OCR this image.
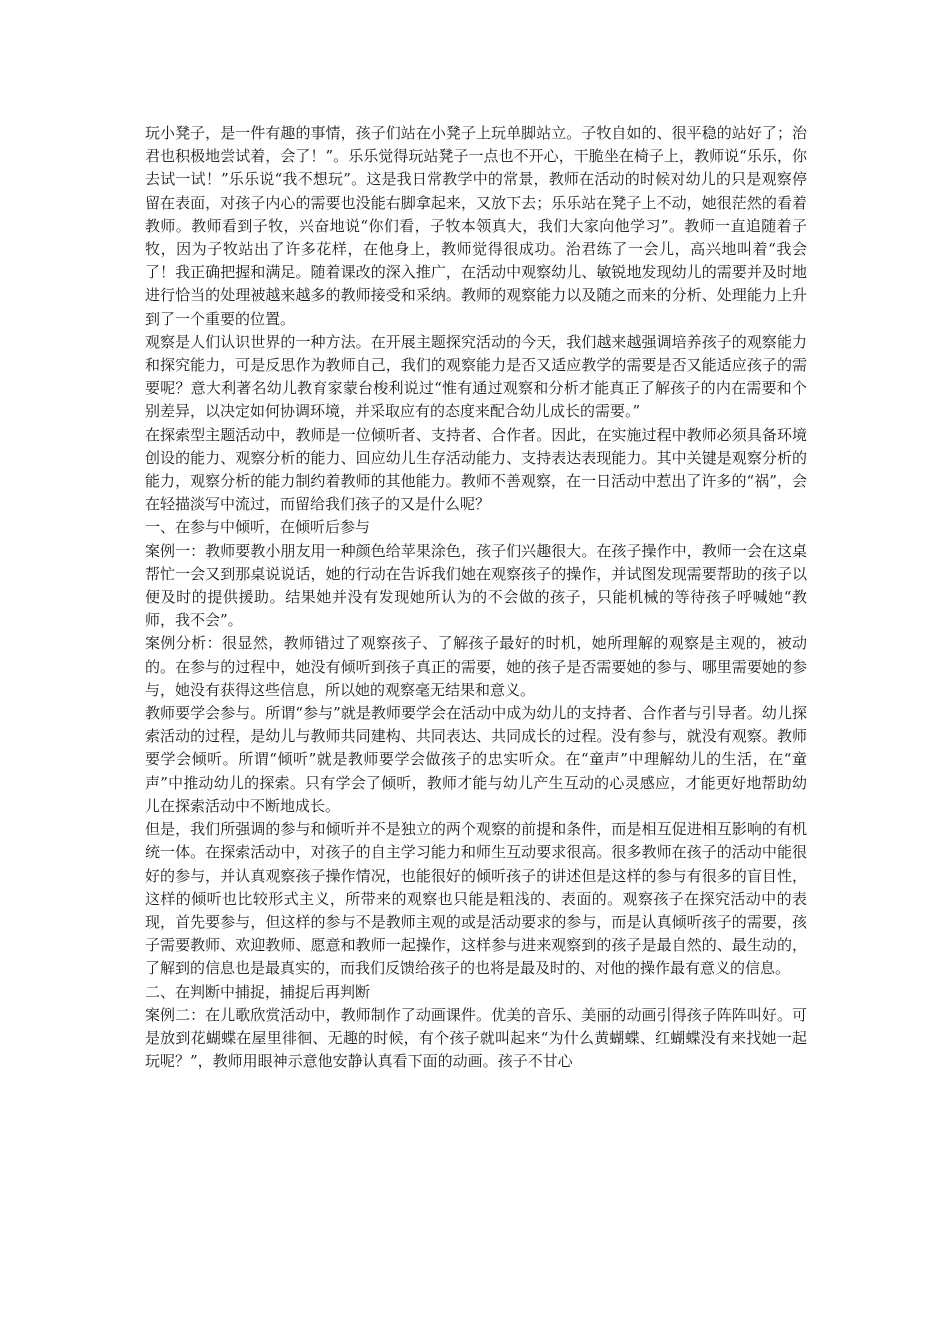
玩小凳子，是一件有趣的事情，孩子们站在小凳子上玩单脚站立。子牧自如的、很平稳的站好了；治君也积极地尝试着，会了！”。乐乐觉得玩站凳子一点也不开心，干脆坐在椅子上，教师说“乐乐，你去试一试！”乐乐说“我不想玩”。这是我日常教学中的常景，教师在活动的时候对幼儿的只是观察停留在表面，对孩子内心的需要也没能右脚拿起来，又放下去；乐乐站在凳子上不动，她很茫然的看着教师。教师看到子牧，兴奋地说“你们看，子牧本领真大，我们大家向他学习”。教师一直追随着子牧，因为子牧站出了许多花样，在他身上，教师觉得很成功。治君练了一会儿，高兴地叫着“我会了！我正确把握和满足。随着课改的深入推广，在活动中观察幼儿、敏锐地发现幼儿的需要并及时地进行恰当的处理被越来越多的教师接受和采纳。教师的观察能力以及随之而来的分析、处理能力上升到了一个重要的位置。

观察是人们认识世界的一种方法。在开展主题探究活动的今天，我们越来越强调培养孩子的观察能力和探究能力，可是反思作为教师自己，我们的观察能力是否又适应教学的需要是否又能适应孩子的需要呢？意大利著名幼儿教育家蒙台梭利说过“惟有通过观察和分析才能真正了解孩子的内在需要和个别差异，以决定如何协调环境，并采取应有的态度来配合幼儿成长的需要。”

在探索型主题活动中，教师是一位倾听者、支持者、合作者。因此，在实施过程中教师必须具备环境创设的能力、观察分析的能力、回应幼儿生存活动能力、支持表达表现能力。其中关键是观察分析的能力，观察分析的能力制约着教师的其他能力。教师不善观察，在一日活动中惹出了许多的“祸”，会在轻描淡写中流过，而留给我们孩子的又是什么呢？

一、在参与中倾听，在倾听后参与

案例一：教师要教小朋友用一种颜色给苹果涂色，孩子们兴趣很大。在孩子操作中，教师一会在这桌帮忙一会又到那桌说说话，她的行动在告诉我们她在观察孩子的操作，并试图发现需要帮助的孩子以便及时的提供援助。结果她并没有发现她所认为的不会做的孩子，只能机械的等待孩子呼喊她“教师，我不会”。

案例分析：很显然，教师错过了观察孩子、了解孩子最好的时机，她所理解的观察是主观的，被动的。在参与的过程中，她没有倾听到孩子真正的需要，她的孩子是否需要她的参与、哪里需要她的参与，她没有获得这些信息，所以她的观察毫无结果和意义。

教师要学会参与。所谓“参与”就是教师要学会在活动中成为幼儿的支持者、合作者与引导者。幼儿探索活动的过程，是幼儿与教师共同建构、共同表达、共同成长的过程。没有参与，就没有观察。教师要学会倾听。所谓“倾听”就是教师要学会做孩子的忠实听众。在“童声”中理解幼儿的生活，在“童声”中推动幼儿的探索。只有学会了倾听，教师才能与幼儿产生互动的心灵感应，才能更好地帮助幼儿在探索活动中不断地成长。

但是，我们所强调的参与和倾听并不是独立的两个观察的前提和条件，而是相互促进相互影响的有机统一体。在探索活动中，对孩子的自主学习能力和师生互动要求很高。很多教师在孩子的活动中能很好的参与，并认真观察孩子操作情况，也能很好的倾听孩子的讲述但是这样的参与有很多的盲目性，这样的倾听也比较形式主义，所带来的观察也只能是粗浅的、表面的。观察孩子在探究活动中的表现，首先要参与，但这样的参与不是教师主观的或是活动要求的参与，而是认真倾听孩子的需要，孩子需要教师、欢迎教师、愿意和教师一起操作，这样参与进来观察到的孩子是最自然的、最生动的，了解到的信息也是最真实的，而我们反馈给孩子的也将是最及时的、对他的操作最有意义的信息。

二、在判断中捕捉，捕捉后再判断

案例二：在儿歌欣赏活动中，教师制作了动画课件。优美的音乐、美丽的动画引得孩子阵阵叫好。可是放到花蝴蝶在屋里徘徊、无趣的时候，有个孩子就叫起来“为什么黄蝴蝶、红蝴蝶没有来找她一起玩呢？”，教师用眼神示意他安静认真看下面的动画。孩子不甘心
